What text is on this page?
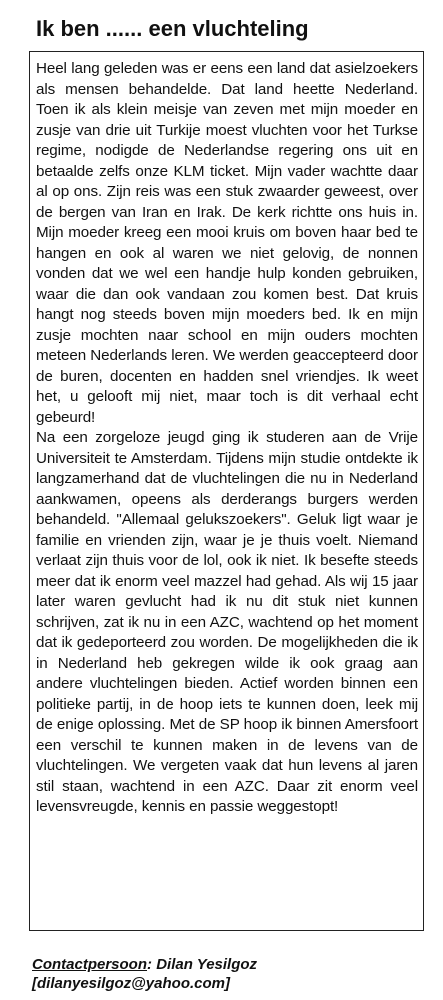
Ik ben ...... een vluchteling

Heel lang geleden was er eens een land dat asielzoekers als mensen behandelde. Dat land heette Nederland. Toen ik als klein meisje van zeven met mijn moeder en zusje van drie uit Turkije moest vluchten voor het Turkse regime, nodigde de Nederlandse regering ons uit en betaalde zelfs onze KLM ticket. Mijn vader wachtte daar al op ons. Zijn reis was een stuk zwaarder geweest, over de bergen van Iran en Irak. De kerk richtte ons huis in. Mijn moeder kreeg een mooi kruis om boven haar bed te hangen en ook al waren we niet gelovig, de nonnen vonden dat we wel een handje hulp konden gebruiken, waar die dan ook vandaan zou komen best. Dat kruis hangt nog steeds boven mijn moeders bed. Ik en mijn zusje mochten naar school en mijn ouders mochten meteen Nederlands leren. We werden geaccepteerd door de buren, docenten en hadden snel vriendjes. Ik weet het, u gelooft mij niet, maar toch is dit verhaal echt gebeurd!

Na een zorgeloze jeugd ging ik studeren aan de Vrije Universiteit te Amsterdam. Tijdens mijn studie ontdekte ik langzamerhand dat de vluchtelingen die nu in Nederland aankwamen, opeens als derderangs burgers werden behandeld. "Allemaal gelukszoekers". Geluk ligt waar je familie en vrienden zijn, waar je je thuis voelt. Niemand verlaat zijn thuis voor de lol, ook ik niet. Ik besefte steeds meer dat ik enorm veel mazzel had gehad. Als wij 15 jaar later waren gevlucht had ik nu dit stuk niet kunnen schrijven, zat ik nu in een AZC, wachtend op het moment dat ik gedeporteerd zou worden. De mogelijkheden die ik in Nederland heb gekregen wilde ik ook graag aan andere vluchtelingen bieden. Actief worden binnen een politieke partij, in de hoop iets te kunnen doen, leek mij de enige oplossing. Met de SP hoop ik binnen Amersfoort een verschil te kunnen maken in de levens van de vluchtelingen. We vergeten vaak dat hun levens al jaren stil staan, wachtend in een AZC. Daar zit enorm veel levensvreugde, kennis en passie weggestopt!

Contactpersoon: Dilan Yesilgoz
[dilanyesilgoz@yahoo.com]
